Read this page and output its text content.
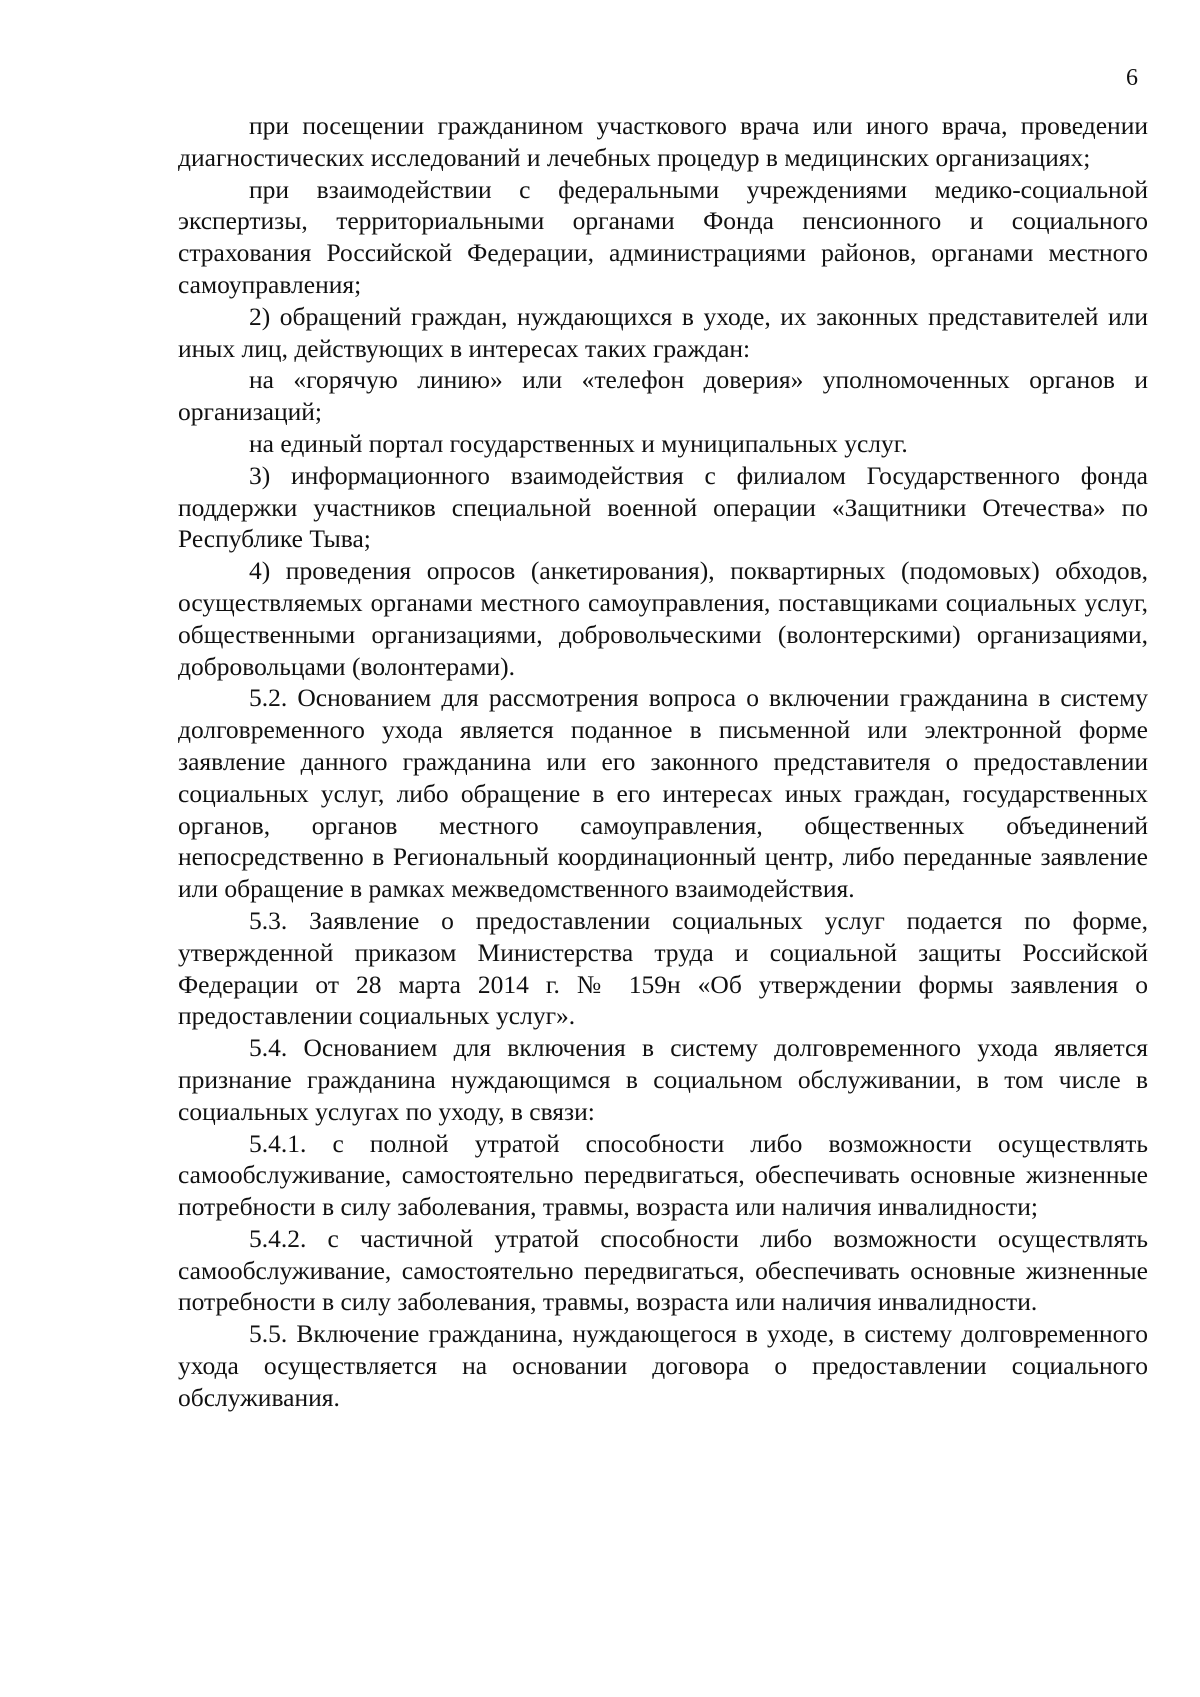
6

при посещении гражданином участкового врача или иного врача, проведении диагностических исследований и лечебных процедур в медицинских организациях;

при взаимодействии с федеральными учреждениями медико-социальной экспертизы, территориальными органами Фонда пенсионного и социального страхования Российской Федерации, администрациями районов, органами местного самоуправления;

2) обращений граждан, нуждающихся в уходе, их законных представителей или иных лиц, действующих в интересах таких граждан:

на «горячую линию» или «телефон доверия» уполномоченных органов и организаций;

на единый портал государственных и муниципальных услуг.

3) информационного взаимодействия с филиалом Государственного фонда поддержки участников специальной военной операции «Защитники Отечества» по Республике Тыва;

4) проведения опросов (анкетирования), поквартирных (подомовых) обходов, осуществляемых органами местного самоуправления, поставщиками социальных услуг, общественными организациями, добровольческими (волонтерскими) организациями, добровольцами (волонтерами).

5.2. Основанием для рассмотрения вопроса о включении гражданина в систему долговременного ухода является поданное в письменной или электронной форме заявление данного гражданина или его законного представителя о предоставлении социальных услуг, либо обращение в его интересах иных граждан, государственных органов, органов местного самоуправления, общественных объединений непосредственно в Региональный координационный центр, либо переданные заявление или обращение в рамках межведомственного взаимодействия.

5.3. Заявление о предоставлении социальных услуг подается по форме, утвержденной приказом Министерства труда и социальной защиты Российской Федерации от 28 марта 2014 г. № 159н «Об утверждении формы заявления о предоставлении социальных услуг».

5.4. Основанием для включения в систему долговременного ухода является признание гражданина нуждающимся в социальном обслуживании, в том числе в социальных услугах по уходу, в связи:

5.4.1. с полной утратой способности либо возможности осуществлять самообслуживание, самостоятельно передвигаться, обеспечивать основные жизненные потребности в силу заболевания, травмы, возраста или наличия инвалидности;

5.4.2. с частичной утратой способности либо возможности осуществлять самообслуживание, самостоятельно передвигаться, обеспечивать основные жизненные потребности в силу заболевания, травмы, возраста или наличия инвалидности.

5.5. Включение гражданина, нуждающегося в уходе, в систему долговременного ухода осуществляется на основании договора о предоставлении социального обслуживания.
